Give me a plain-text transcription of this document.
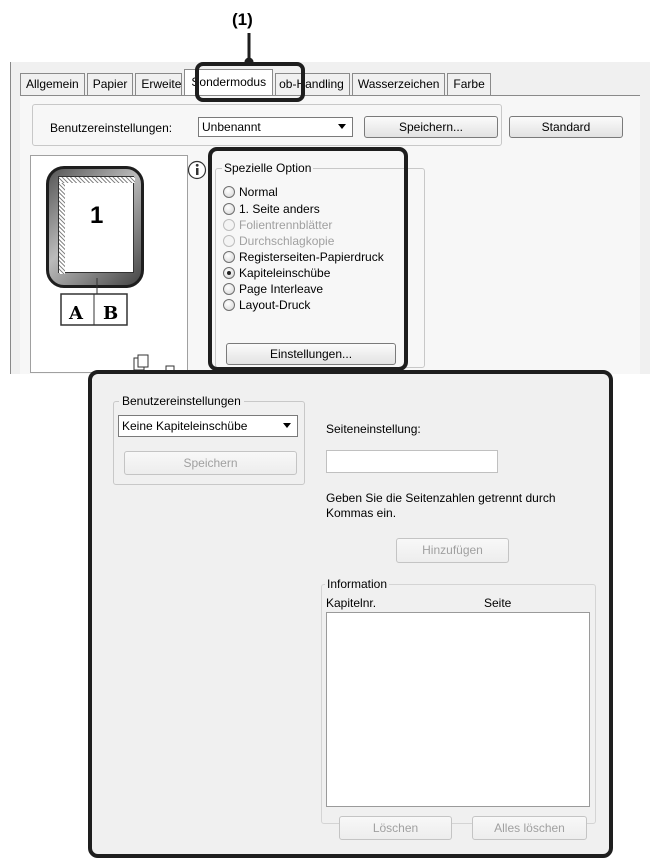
(1)
Allgemein	Papier	Erweite Sondermodus	ob-Handling	Wasserzeichen	Farbe
Benutzereinstellungen:	Unbenannt	Speichern...	Standard
1
A B
Spezielle Option
Normal
1. Seite anders
Folientrennblätter
Durchschlagkopie
Registerseiten-Papierdruck
Kapiteleinschübe
Page Interleave
Layout-Druck
Einstellungen...
Benutzereinstellungen
Keine Kapiteleinschübe
Speichern
Seiteneinstellung:
Geben Sie die Seitenzahlen getrennt durch Kommas ein.
Hinzufügen
Information
Kapitelnr.	Seite
Löschen	Alles löschen
